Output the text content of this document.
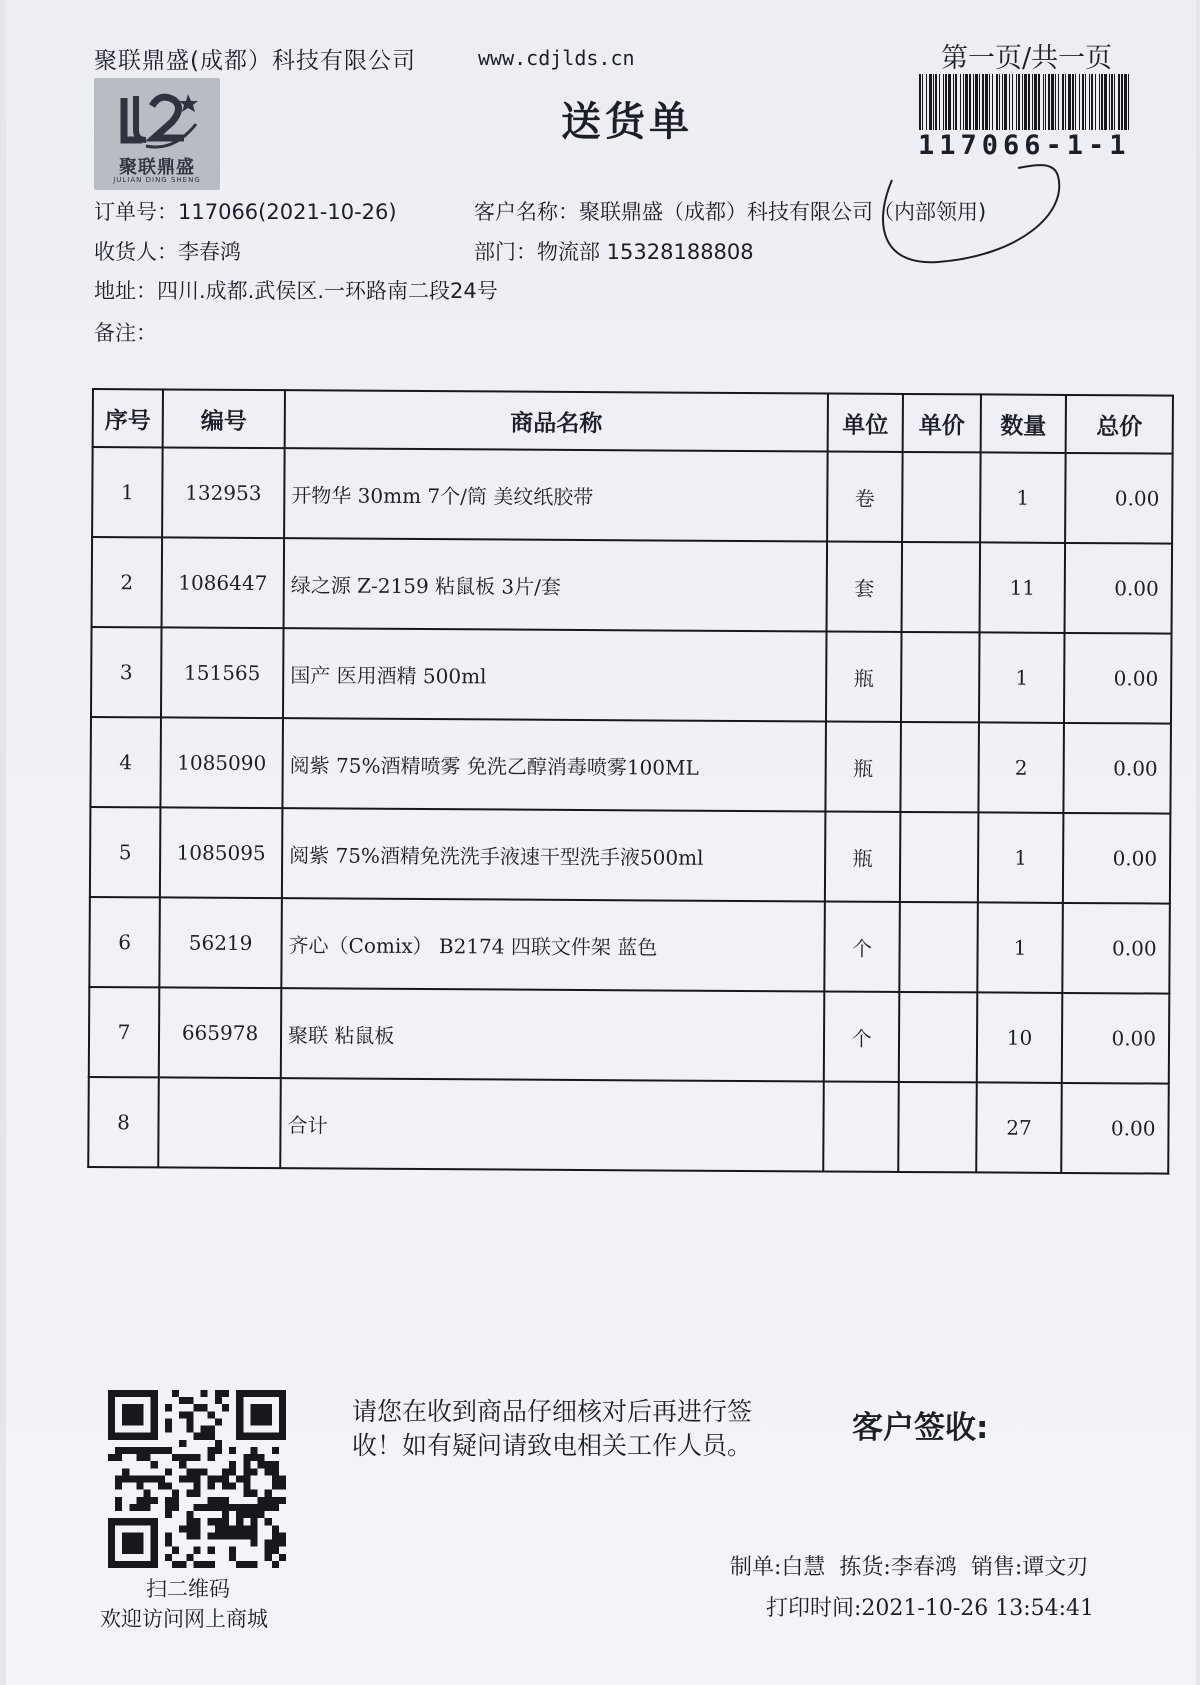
聚联鼎盛(成都）科技有限公司	www.cdjlds.cn	第一页/共一页
聚联鼎盛
JULIAN DING SHENG
送货单
117066-1-1
订单号：117066(2021-10-26)	客户名称：聚联鼎盛（成都）科技有限公司（内部领用)
收货人：李春鸿	部门：物流部 15328188808
地址：四川.成都.武侯区.一环路南二段24号
备注：
序号	编号	商品名称	单位	单价	数量	总价
1	132953	开物华 30mm 7个/筒 美纹纸胶带	卷		1	0.00
2	1086447	绿之源 Z-2159 粘鼠板 3片/套	套		11	0.00
3	151565	国产 医用酒精 500ml	瓶		1	0.00
4	1085090	阅紫 75%酒精喷雾 免洗乙醇消毒喷雾100ML	瓶		2	0.00
5	1085095	阅紫 75%酒精免洗洗手液速干型洗手液500ml	瓶		1	0.00
6	56219	齐心（Comix） B2174 四联文件架 蓝色	个		1	0.00
7	665978	聚联 粘鼠板	个		10	0.00
8		合计			27	0.00
扫二维码
欢迎访问网上商城
请您在收到商品仔细核对后再进行签收！如有疑问请致电相关工作人员。	客户签收:
制单:白慧 拣货:李春鸿 销售:谭文刃
打印时间:2021-10-26 13:54:41
